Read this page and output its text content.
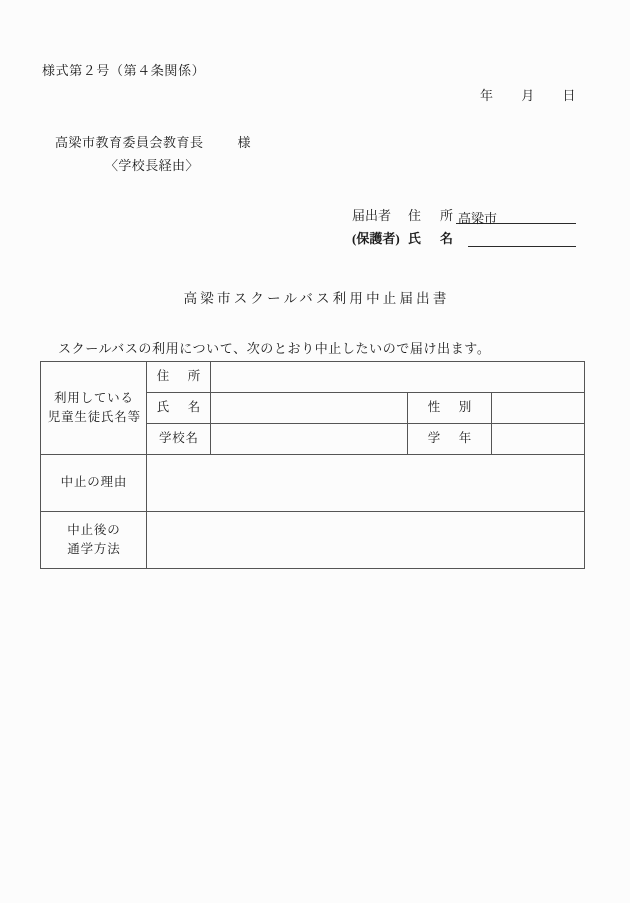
様式第２号（第４条関係）
年 月 日
高梁市教育委員会教育長	様
〈学校長経由〉
届出者	住　所 高梁市
(保護者) 氏　名
高梁市スクールバス利用中止届出書
スクールバスの利用について、次のとおり中止したいので届け出ます。
利用している
児童生徒氏名等	住　所			
	氏　名		性　別	
	学校名		学　年	
中止の理由				

中止後の
通学方法				
